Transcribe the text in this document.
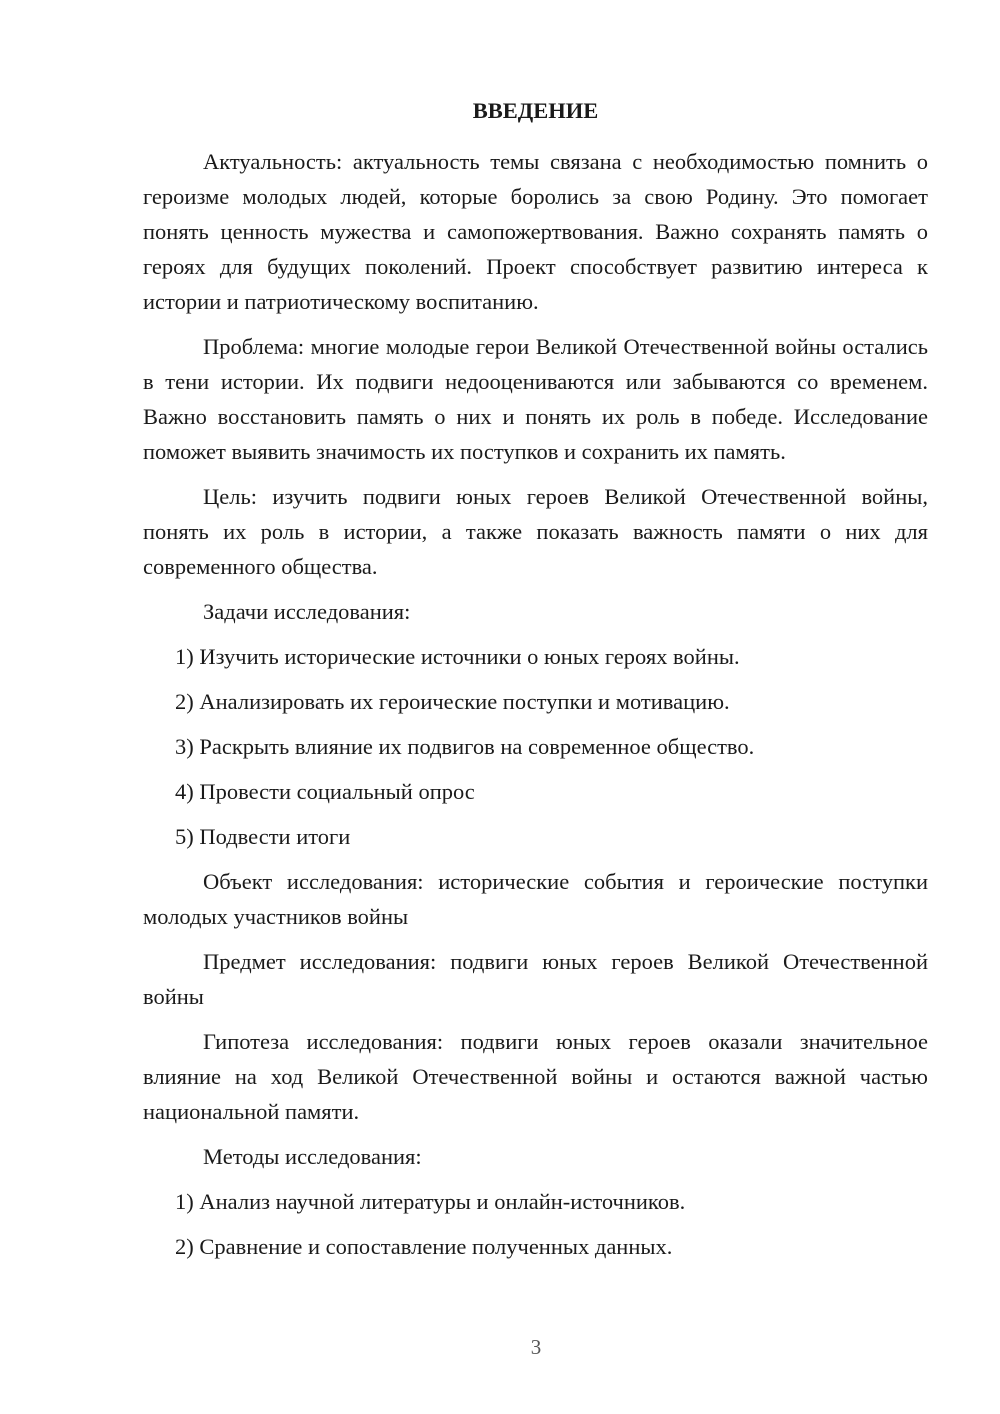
ВВЕДЕНИЕ

Актуальность: актуальность темы связана с необходимостью помнить о героизме молодых людей, которые боролись за свою Родину. Это помогает понять ценность мужества и самопожертвования. Важно сохранять память о героях для будущих поколений. Проект способствует развитию интереса к истории и патриотическому воспитанию.

Проблема: многие молодые герои Великой Отечественной войны остались в тени истории. Их подвиги недооцениваются или забываются со временем. Важно восстановить память о них и понять их роль в победе. Исследование поможет выявить значимость их поступков и сохранить их память.

Цель: изучить подвиги юных героев Великой Отечественной войны, понять их роль в истории, а также показать важность памяти о них для современного общества.

Задачи исследования:

1) Изучить исторические источники о юных героях войны.
2) Анализировать их героические поступки и мотивацию.
3) Раскрыть влияние их подвигов на современное общество.
4) Провести социальный опрос
5) Подвести итоги

Объект исследования: исторические события и героические поступки молодых участников войны

Предмет исследования: подвиги юных героев Великой Отечественной войны

Гипотеза исследования: подвиги юных героев оказали значительное влияние на ход Великой Отечественной войны и остаются важной частью национальной памяти.

Методы исследования:

1) Анализ научной литературы и онлайн-источников.
2) Сравнение и сопоставление полученных данных.
3
